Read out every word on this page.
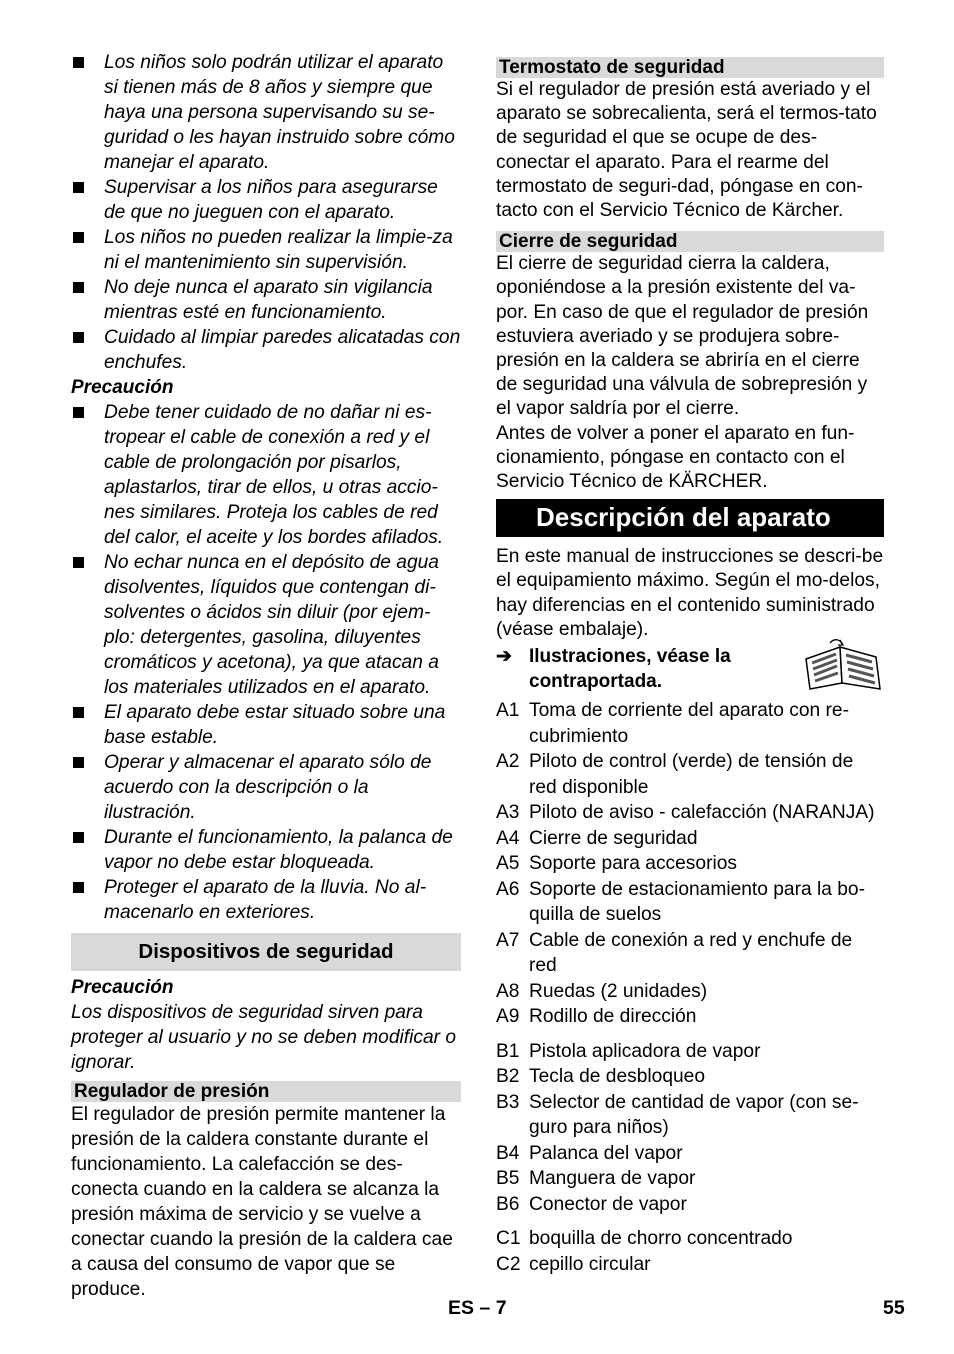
Los niños solo podrán utilizar el aparato si tienen más de 8 años y siempre que haya una persona supervisando su se-guridad o les hayan instruido sobre cómo manejar el aparato.
Supervisar a los niños para asegurarse de que no jueguen con el aparato.
Los niños no pueden realizar la limpie-za ni el mantenimiento sin supervisión.
No deje nunca el aparato sin vigilancia mientras esté en funcionamiento.
Cuidado al limpiar paredes alicatadas con enchufes.
Precaución
Debe tener cuidado de no dañar ni es-tropear el cable de conexión a red y el cable de prolongación por pisarlos, aplastarlos, tirar de ellos, u otras accio-nes similares. Proteja los cables de red del calor, el aceite y los bordes afilados.
No echar nunca en el depósito de agua disolventes, líquidos que contengan di-solventes o ácidos sin diluir (por ejem-plo: detergentes, gasolina, diluyentes cromáticos y acetona), ya que atacan a los materiales utilizados en el aparato.
El aparato debe estar situado sobre una base estable.
Operar y almacenar el aparato sólo de acuerdo con la descripción o la ilustración.
Durante el funcionamiento, la palanca de vapor no debe estar bloqueada.
Proteger el aparato de la lluvia. No al-macenarlo en exteriores.
Dispositivos de seguridad
Precaución
Los dispositivos de seguridad sirven para proteger al usuario y no se deben modificar o ignorar.
Regulador de presión
El regulador de presión permite mantener la presión de la caldera constante durante el funcionamiento. La calefacción se des-conecta cuando en la caldera se alcanza la presión máxima de servicio y se vuelve a conectar cuando la presión de la caldera cae a causa del consumo de vapor que se produce.
Termostato de seguridad
Si el regulador de presión está averiado y el aparato se sobrecalienta, será el termos-tato de seguridad el que se ocupe de des-conectar el aparato. Para el rearme del termostato de seguri-dad, póngase en con-tacto con el Servicio Técnico de Kärcher.
Cierre de seguridad
El cierre de seguridad cierra la caldera, oponiéndose a la presión existente del va-por. En caso de que el regulador de presión estuviera averiado y se produjera sobre-presión en la caldera se abriría en el cierre de seguridad una válvula de sobrepresión y el vapor saldría por el cierre.
Antes de volver a poner el aparato en fun-cionamiento, póngase en contacto con el Servicio Técnico de KÄRCHER.
Descripción del aparato
En este manual de instrucciones se descri-be el equipamiento máximo. Según el mo-delos, hay diferencias en el contenido suministrado (véase embalaje).
➔ Ilustraciones, véase la contraportada.
A1 Toma de corriente del aparato con re-cubrimiento
A2 Piloto de control (verde) de tensión de red disponible
A3 Piloto de aviso - calefacción (NARANJA)
A4 Cierre de seguridad
A5 Soporte para accesorios
A6 Soporte de estacionamiento para la bo-quilla de suelos
A7 Cable de conexión a red y enchufe de red
A8 Ruedas (2 unidades)
A9 Rodillo de dirección
B1 Pistola aplicadora de vapor
B2 Tecla de desbloqueo
B3 Selector de cantidad de vapor (con se-guro para niños)
B4 Palanca del vapor
B5 Manguera de vapor
B6 Conector de vapor
C1 boquilla de chorro concentrado
C2 cepillo circular
ES – 7	55
